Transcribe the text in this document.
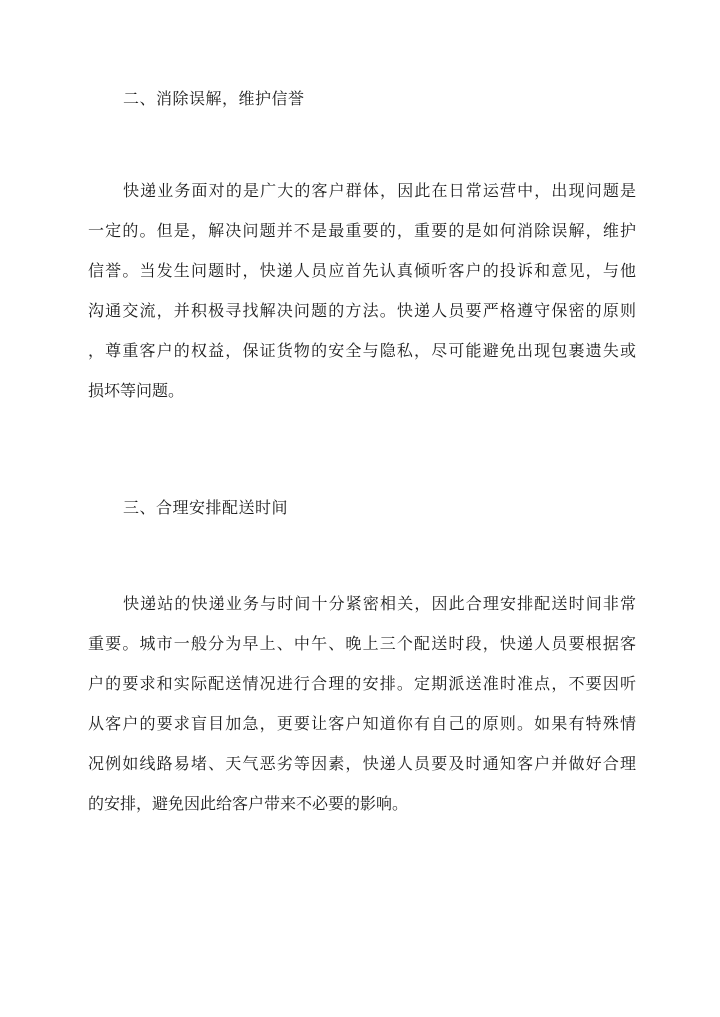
二、消除误解，维护信誉
快递业务面对的是广大的客户群体，因此在日常运营中，出现问题是
一定的。但是，解决问题并不是最重要的，重要的是如何消除误解，维护
信誉。当发生问题时，快递人员应首先认真倾听客户的投诉和意见，与他
沟通交流，并积极寻找解决问题的方法。快递人员要严格遵守保密的原则
，尊重客户的权益，保证货物的安全与隐私，尽可能避免出现包裹遗失或
损坏等问题。
三、合理安排配送时间
快递站的快递业务与时间十分紧密相关，因此合理安排配送时间非常
重要。城市一般分为早上、中午、晚上三个配送时段，快递人员要根据客
户的要求和实际配送情况进行合理的安排。定期派送准时准点，不要因听
从客户的要求盲目加急，更要让客户知道你有自己的原则。如果有特殊情
况例如线路易堵、天气恶劣等因素，快递人员要及时通知客户并做好合理
的安排，避免因此给客户带来不必要的影响。
